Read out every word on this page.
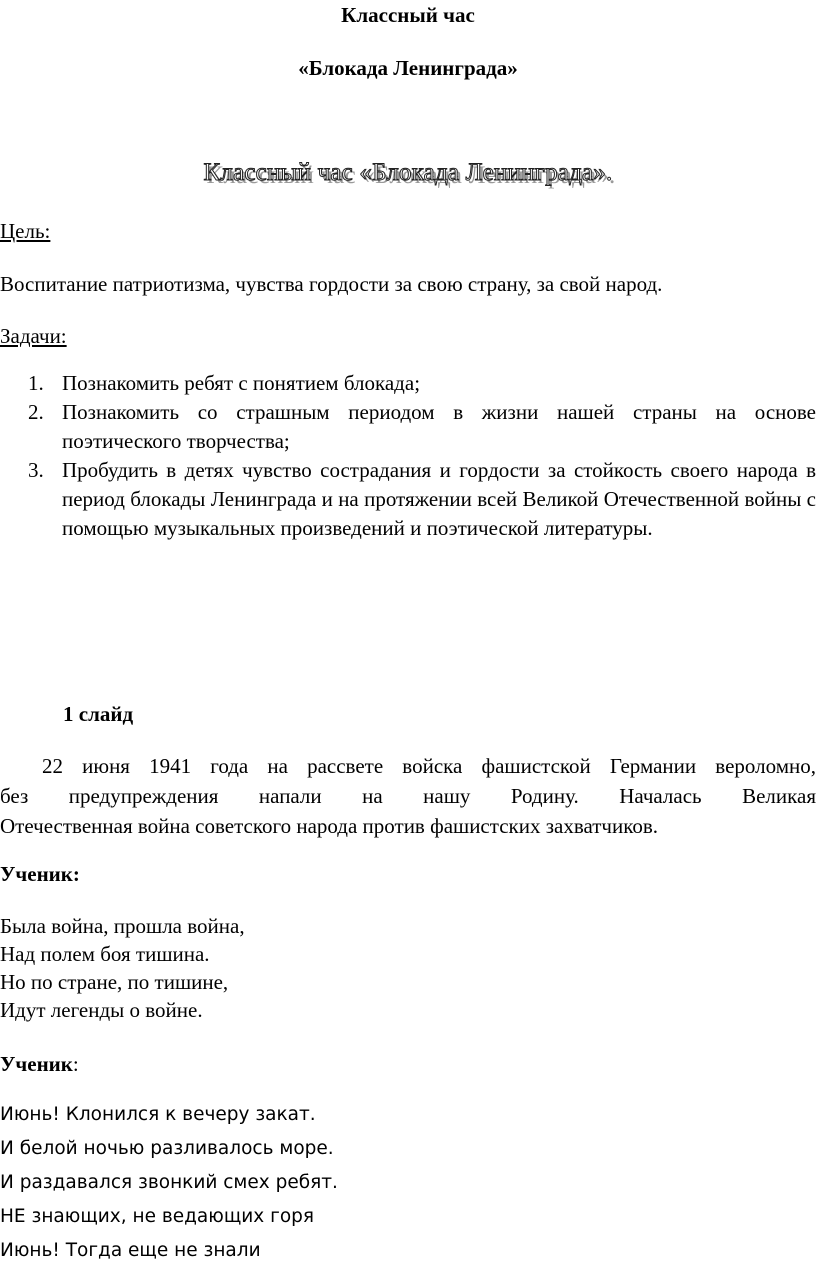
Классный час
«Блокада Ленинграда»
Классный час «Блокада Ленинграда».
Цель:
Воспитание патриотизма, чувства гордости за свою страну, за свой народ.
Задачи:
1. Познакомить ребят с понятием блокада;
2. Познакомить со страшным периодом в жизни нашей страны на основе поэтического творчества;
3. Пробудить в детях чувство сострадания и гордости за стойкость своего народа в период блокады Ленинграда и на протяжении всей Великой Отечественной войны с помощью музыкальных произведений и поэтической литературы.
1 слайд
22 июня 1941 года на рассвете войска фашистской Германии вероломно,
без предупреждения напали на нашу Родину. Началась Великая
Отечественная война советского народа против фашистских захватчиков.
Ученик:
Была война, прошла война,
Над полем боя тишина.
Но по стране, по тишине,
Идут легенды о войне.
Ученик:
Июнь! Клонился к вечеру закат.
И белой ночью разливалось море.
И раздавался звонкий смех ребят.
НЕ знающих, не ведающих горя
Июнь! Тогда еще не знали
